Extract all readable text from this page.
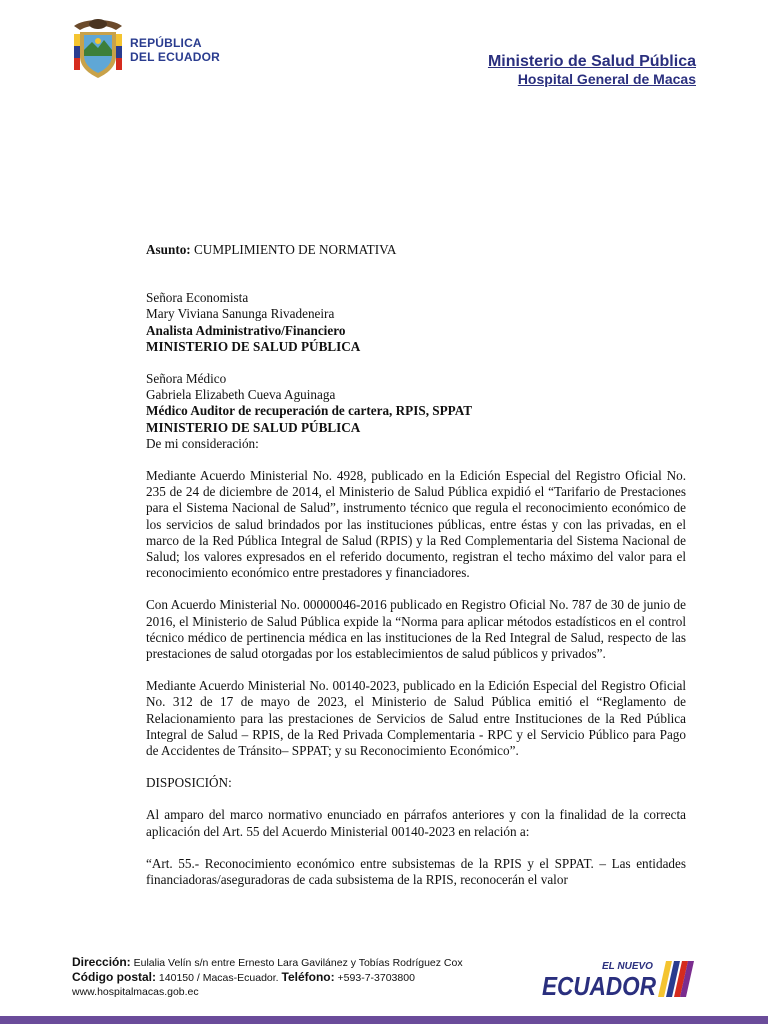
REPÚBLICA
DEL ECUADOR	Ministerio de Salud Pública
Hospital General de Macas

Asunto: CUMPLIMIENTO DE NORMATIVA

Señora Economista

Mary Viviana Sanunga Rivadeneira

Analista Administrativo/Financiero

MINISTERIO DE SALUD PÚBLICA

Señora Médico

Gabriela Elizabeth Cueva Aguinaga

Médico Auditor de recuperación de cartera, RPIS, SPPAT

MINISTERIO DE SALUD PÚBLICA

De mi consideración:

Mediante Acuerdo Ministerial No. 4928, publicado en la Edición Especial del Registro Oficial No. 235 de 24 de diciembre de 2014, el Ministerio de Salud Pública expidió el “Tarifario de Prestaciones para el Sistema Nacional de Salud”, instrumento técnico que regula el reconocimiento económico de los servicios de salud brindados por las instituciones públicas, entre éstas y con las privadas, en el marco de la Red Pública Integral de Salud (RPIS) y la Red Complementaria del Sistema Nacional de Salud; los valores expresados en el referido documento, registran el techo máximo del valor para el reconocimiento económico entre prestadores y financiadores.

Con Acuerdo Ministerial No. 00000046-2016 publicado en Registro Oficial No. 787 de 30 de junio de 2016, el Ministerio de Salud Pública expide la “Norma para aplicar métodos estadísticos en el control técnico médico de pertinencia médica en las instituciones de la Red Integral de Salud, respecto de las prestaciones de salud otorgadas por los establecimientos de salud públicos y privados”.

Mediante Acuerdo Ministerial No. 00140-2023, publicado en la Edición Especial del Registro Oficial No. 312 de 17 de mayo de 2023, el Ministerio de Salud Pública emitió el “Reglamento de Relacionamiento para las prestaciones de Servicios de Salud entre Instituciones de la Red Pública Integral de Salud – RPIS, de la Red Privada Complementaria - RPC y el Servicio Público para Pago de Accidentes de Tránsito– SPPAT; y su Reconocimiento Económico”.

DISPOSICIÓN:

Al amparo del marco normativo enunciado en párrafos anteriores y con la finalidad de la correcta aplicación del Art. 55 del Acuerdo Ministerial 00140-2023 en relación a:

“Art. 55.- Reconocimiento económico entre subsistemas de la RPIS y el SPPAT. – Las entidades financiadoras/aseguradoras de cada subsistema de la RPIS, reconocerán el valor

Dirección: Eulalia Velín s/n entre Ernesto Lara Gavilánez y Tobías Rodríguez Cox
Código postal: 140150 / Macas-Ecuador. Teléfono: +593-7-3703800
www.hospitalmacas.gob.ec
EL NUEVO
ECUADOR
